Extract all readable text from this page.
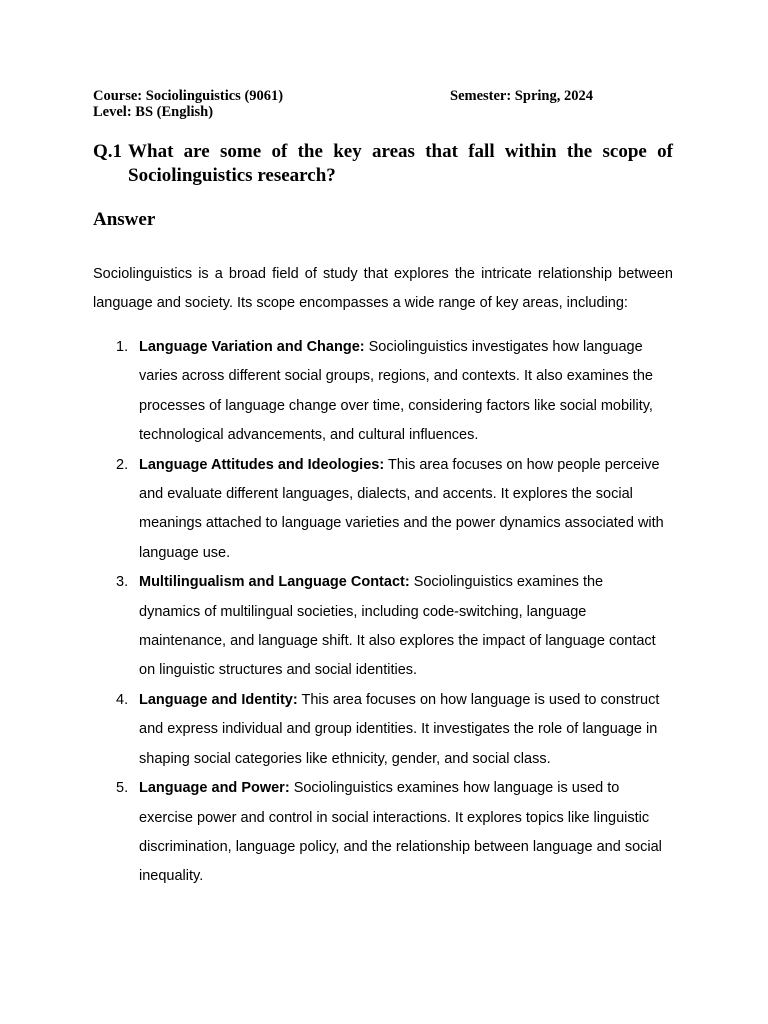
Course: Sociolinguistics (9061)	Semester: Spring, 2024
Level: BS (English)
Q.1 What are some of the key areas that fall within the scope of Sociolinguistics research?
Answer

Sociolinguistics is a broad field of study that explores the intricate relationship between language and society. Its scope encompasses a wide range of key areas, including:

1. Language Variation and Change: Sociolinguistics investigates how language varies across different social groups, regions, and contexts. It also examines the processes of language change over time, considering factors like social mobility, technological advancements, and cultural influences.
2. Language Attitudes and Ideologies: This area focuses on how people perceive and evaluate different languages, dialects, and accents. It explores the social meanings attached to language varieties and the power dynamics associated with language use.
3. Multilingualism and Language Contact: Sociolinguistics examines the dynamics of multilingual societies, including code-switching, language maintenance, and language shift. It also explores the impact of language contact on linguistic structures and social identities.
4. Language and Identity: This area focuses on how language is used to construct and express individual and group identities. It investigates the role of language in shaping social categories like ethnicity, gender, and social class.
5. Language and Power: Sociolinguistics examines how language is used to exercise power and control in social interactions. It explores topics like linguistic discrimination, language policy, and the relationship between language and social inequality.
